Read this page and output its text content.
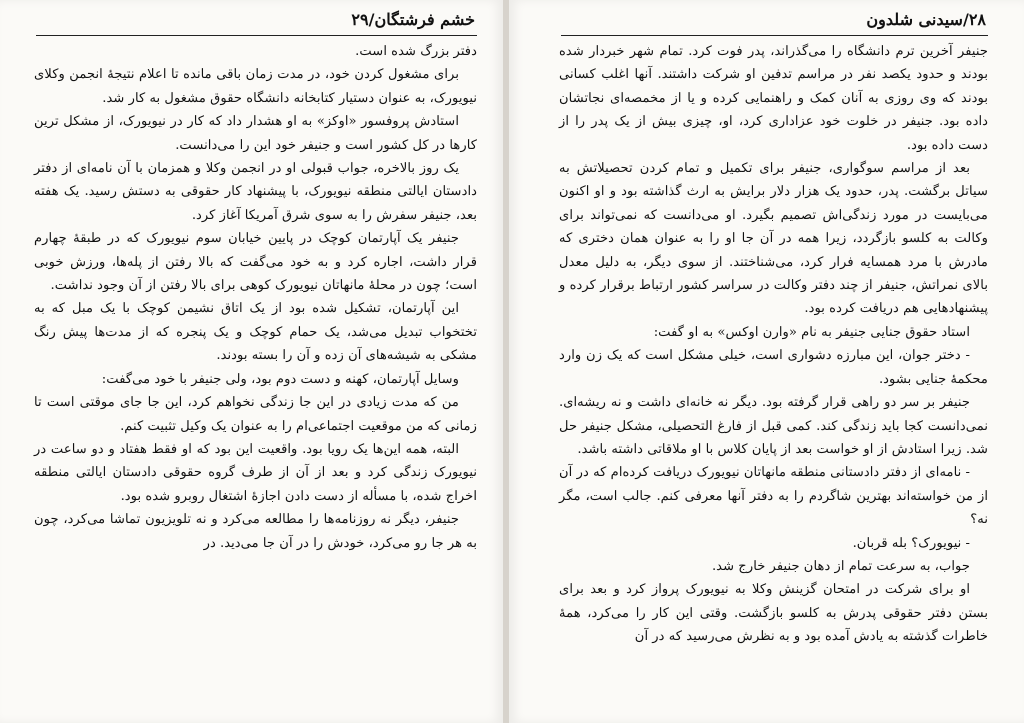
خشم فرشتگان/۲۹

دفتر بزرگ شده است.

برای مشغول کردن خود، در مدت زمان باقی مانده تا اعلام نتیجهٔ انجمن وکلای نیویورک، به عنوان دستیار کتابخانه دانشگاه حقوق مشغول به کار شد.

استادش پروفسور «اوکز» به او هشدار داد که کار در نیویورک، از مشکل ترین کارها در کل کشور است و جنیفر خود این را می‌دانست.

یک روز بالاخره، جواب قبولی او در انجمن وکلا و همزمان با آن نامه‌ای از دفتر دادستان ایالتی منطقه نیویورک، با پیشنهاد کار حقوقی به دستش رسید. یک هفته بعد، جنیفر سفرش را به سوی شرق آمریکا آغاز کرد.

جنیفر یک آپارتمان کوچک در پایین خیابان سوم نیویورک که در طبقهٔ چهارم قرار داشت، اجاره کرد و به خود می‌گفت که بالا رفتن از پله‌ها، ورزش خوبی است؛ چون در محلهٔ مانهاتان نیویورک کوهی برای بالا رفتن از آن وجود نداشت.

این آپارتمان، تشکیل شده بود از یک اتاق نشیمن کوچک با یک مبل که به تختخواب تبدیل می‌شد، یک حمام کوچک و یک پنجره که از مدت‌ها پیش رنگ مشکی به شیشه‌های آن زده و آن را بسته بودند.

وسایل آپارتمان، کهنه و دست دوم بود، ولی جنیفر با خود می‌گفت:

من که مدت زیادی در این جا زندگی نخواهم کرد، این جا جای موقتی است تا زمانی که من موقعیت اجتماعی‌ام را به عنوان یک وکیل تثبیت کنم.

البته، همه این‌ها یک رویا بود. واقعیت این بود که او فقط هفتاد و دو ساعت در نیویورک زندگی کرد و بعد از آن از طرف گروه حقوقی دادستان ایالتی منطقه اخراج شده، با مسأله از دست دادن اجازهٔ اشتغال روبرو شده بود.

جنیفر، دیگر نه روزنامه‌ها را مطالعه می‌کرد و نه تلویزیون تماشا می‌کرد، چون به هر جا رو می‌کرد، خودش را در آن جا می‌دید. در

۲۸/سیدنی شلدون

جنیفر آخرین ترم دانشگاه را می‌گذراند، پدر فوت کرد. تمام شهر خبردار شده بودند و حدود یکصد نفر در مراسم تدفین او شرکت داشتند. آنها اغلب کسانی بودند که وی روزی به آنان کمک و راهنمایی کرده و یا از مخمصه‌ای نجاتشان داده بود. جنیفر در خلوت خود عزاداری کرد، او، چیزی بیش از یک پدر را از دست داده بود.

بعد از مراسم سوگواری، جنیفر برای تکمیل و تمام کردن تحصیلاتش به سیاتل برگشت. پدر، حدود یک هزار دلار برایش به ارث گذاشته بود و او اکنون می‌بایست در مورد زندگی‌اش تصمیم بگیرد. او می‌دانست که نمی‌تواند برای وکالت به کلسو بازگردد، زیرا همه در آن جا او را به عنوان همان دختری که مادرش با مرد همسایه فرار کرد، می‌شناختند. از سوی دیگر، به دلیل معدل بالای نمراتش، جنیفر از چند دفتر وکالت در سراسر کشور ارتباط برقرار کرده و پیشنهادهایی هم دریافت کرده بود.

استاد حقوق جنایی جنیفر به نام «وارن اوکس» به او گفت:

- دختر جوان، این مبارزه دشواری است، خیلی مشکل است که یک زن وارد محکمهٔ جنایی بشود.

جنیفر بر سر دو راهی قرار گرفته بود. دیگر نه خانه‌ای داشت و نه ریشه‌ای. نمی‌دانست کجا باید زندگی کند. کمی قبل از فارغ التحصیلی، مشکل جنیفر حل شد. زیرا استادش از او خواست بعد از پایان کلاس با او ملاقاتی داشته باشد.

- نامه‌ای از دفتر دادستانی منطقه مانهاتان نیویورک دریافت کرده‌ام که در آن از من خواسته‌اند بهترین شاگردم را به دفتر آنها معرفی کنم. جالب است، مگر نه؟

- نیویورک؟ بله قربان.

جواب، به سرعت تمام از دهان جنیفر خارج شد.

او برای شرکت در امتحان گزینش وکلا به نیویورک پرواز کرد و بعد برای بستن دفتر حقوقی پدرش به کلسو بازگشت. وقتی این کار را می‌کرد، همهٔ خاطرات گذشته به یادش آمده بود و به نظرش می‌رسید که در آن
